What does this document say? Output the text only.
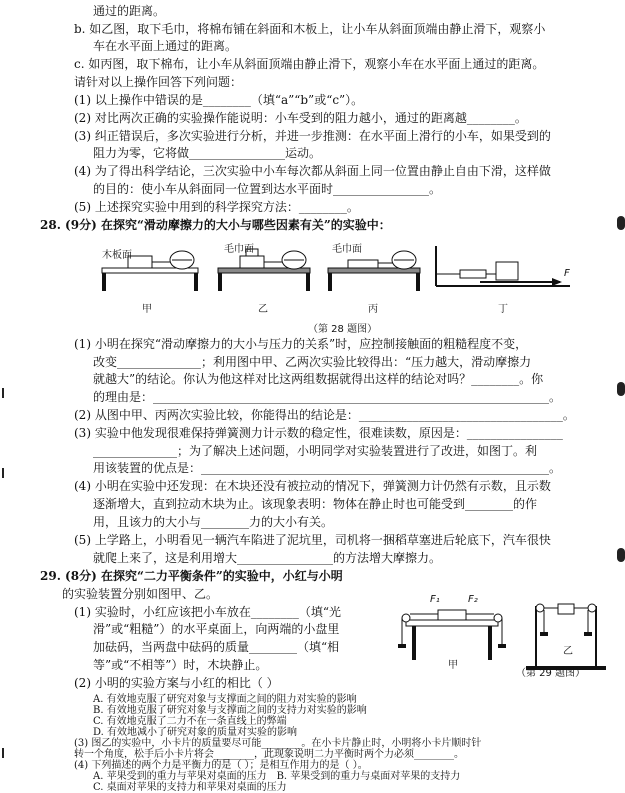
通过的距离。
b. 如乙图，取下毛巾，将棉布铺在斜面和木板上，让小车从斜面顶端由静止滑下，观察小
车在水平面上通过的距离。
c. 如丙图，取下棉布，让小车从斜面顶端由静止滑下，观察小车在水平面上通过的距离。
请针对以上操作回答下列问题：
(1) 以上操作中错误的是________（填“a”“b”或“c”）。
(2) 对比两次正确的实验操作能说明：小车受到的阻力越小，通过的距离越________。
(3) 纠正错误后，多次实验进行分析，并进一步推测：在水平面上滑行的小车，如果受到的
阻力为零，它将做________________运动。
(4) 为了得出科学结论，三次实验中小车每次都从斜面上同一位置由静止自由下滑，这样做
的目的：使小车从斜面同一位置到达水平面时________________。
(5) 上述探究实验中用到的科学探究方法：________。
28. (9分) 在探究“滑动摩擦力的大小与哪些因素有关”的实验中：
(1) 小明在探究“滑动摩擦力的大小与压力的关系”时，应控制接触面的粗糙程度不变，
改变______________；利用图中甲、乙两次实验比较得出：“压力越大，滑动摩擦力
就越大”的结论。你认为他这样对比这两组数据就得出这样的结论对吗？________。你
的理由是：__________________________________________________________________。
(2) 从图中甲、丙两次实验比较，你能得出的结论是：__________________________________。
(3) 实验中他发现很难保持弹簧测力计示数的稳定性，很难读数，原因是：________________
______________；为了解决上述问题，小明同学对实验装置进行了改进，如图丁。利
用该装置的优点是：__________________________________________________________。
(4) 小明在实验中还发现：在木块还没有被拉动的情况下，弹簧测力计仍然有示数，且示数
逐渐增大，直到拉动木块为止。该现象表明：物体在静止时也可能受到________的作
用，且该力的大小与________力的大小有关。
(5) 上学路上，小明看见一辆汽车陷进了泥坑里，司机将一捆稻草塞进后轮底下，汽车很快
就爬上来了，这是利用增大________________的方法增大摩擦力。
29. (8分) 在探究“二力平衡条件”的实验中，小红与小明
的实验装置分别如图甲、乙。
(1) 实验时，小红应该把小车放在________（填“光
滑”或“粗糙”）的水平桌面上，向两端的小盘里
加砝码，当两盘中砝码的质量________（填“相
等”或“不相等”）时，木块静止。
(2) 小明的实验方案与小红的相比（ ）
A. 有效地克服了研究对象与支撑面之间的阻力对实验的影响
B. 有效地克服了研究对象与支撑面之间的支持力对实验的影响
C. 有效地克服了二力不在一条直线上的弊端
D. 有效地减小了研究对象的质量对实验的影响
(3) 图乙的实验中，小卡片的质量要尽可能________。在小卡片静止时，小明将小卡片顺时针
木板面
毛巾面	毛巾面
F
甲	乙	丙	丁
（第 28 题图）
F₁	F₂
甲
乙
（第 29 题图）
转一个角度，松手后小卡片将会________，此现象说明二力平衡时两个力必须________。
(4) 下列描述的两个力是平衡力的是（ ）；是相互作用力的是（ ）。
A. 苹果受到的重力与苹果对桌面的压力　B. 苹果受到的重力与桌面对苹果的支持力
C. 桌面对苹果的支持力和苹果对桌面的压力
